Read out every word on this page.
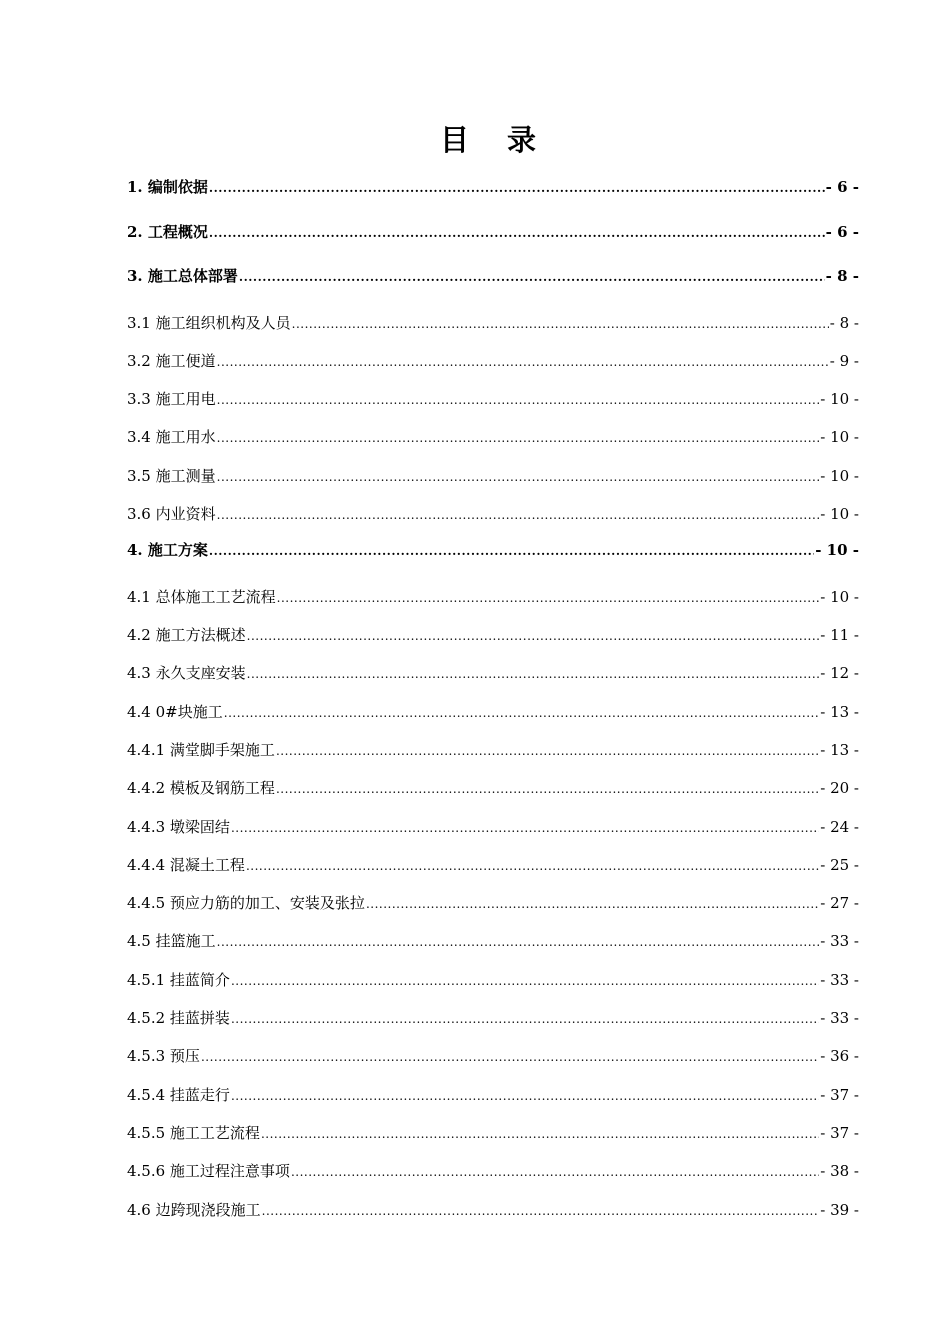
目 录
1. 编制依据 .....	- 6 -
2. 工程概况 .....	- 6 -
3. 施工总体部署 .....	- 8 -
3.1 施工组织机构及人员 .....	- 8 -
3.2 施工便道 .....	- 9 -
3.3 施工用电 .....	- 10 -
3.4 施工用水 .....	- 10 -
3.5 施工测量 .....	- 10 -
3.6 内业资料 .....	- 10 -
4. 施工方案 .....	- 10 -
4.1 总体施工工艺流程 .....	- 10 -
4.2 施工方法概述 .....	- 11 -
4.3 永久支座安装 .....	- 12 -
4.4 0#块施工 .....	- 13 -
4.4.1 满堂脚手架施工 .....	- 13 -
4.4.2 模板及钢筋工程 .....	- 20 -
4.4.3 墩梁固结 .....	- 24 -
4.4.4 混凝土工程 .....	- 25 -
4.4.5 预应力筋的加工、安装及张拉 .....	- 27 -
4.5 挂篮施工 .....	- 33 -
4.5.1 挂蓝简介 .....	- 33 -
4.5.2 挂蓝拼装 .....	- 33 -
4.5.3 预压 .....	- 36 -
4.5.4 挂蓝走行 .....	- 37 -
4.5.5 施工工艺流程 .....	- 37 -
4.5.6 施工过程注意事项 .....	- 38 -
4.6 边跨现浇段施工 .....	- 39 -
